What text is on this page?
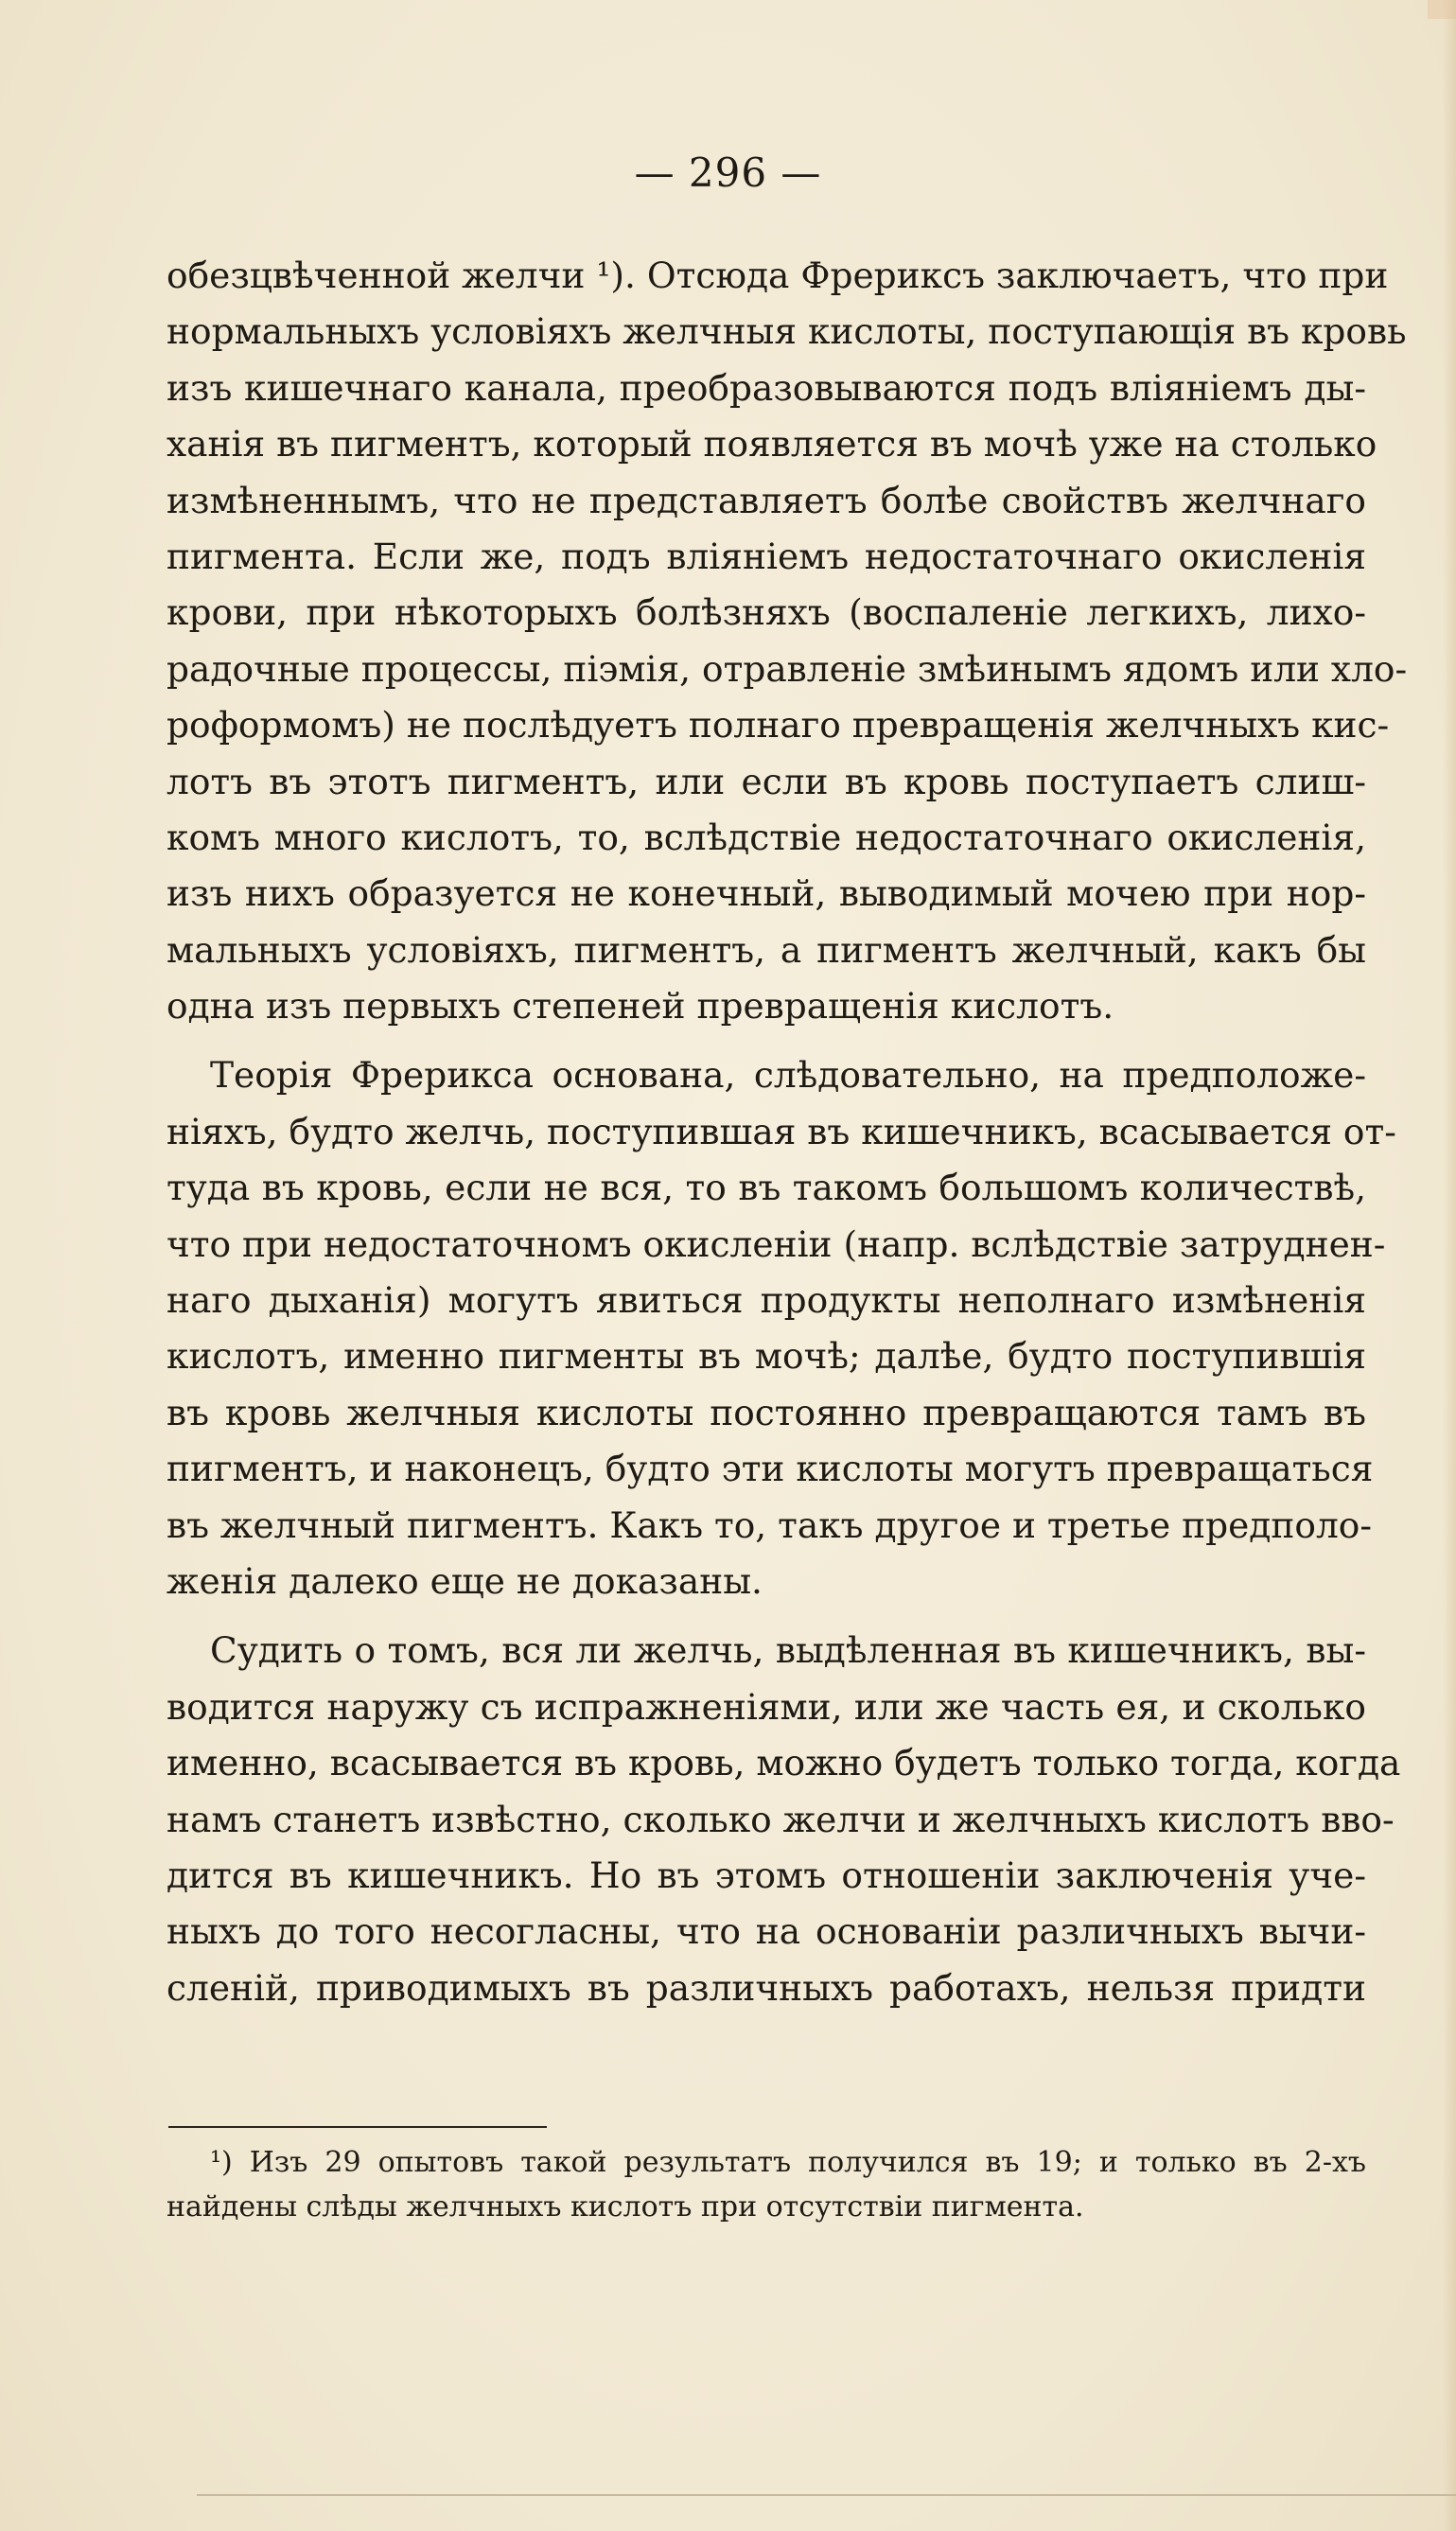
— 296 —
обезцвѣченной желчи ¹). Отсюда Фрериксъ заключаетъ, что при
нормальныхъ условіяхъ желчныя кислоты, поступающія въ кровь
изъ кишечнаго канала, преобразовываются подъ вліяніемъ ды-
ханія въ пигментъ, который появляется въ мочѣ уже на столько
измѣненнымъ, что не представляетъ болѣе свойствъ желчнаго
пигмента. Если же, подъ вліяніемъ недостаточнаго окисленія
крови, при нѣкоторыхъ болѣзняхъ (воспаленіе легкихъ, лихо-
радочные процессы, піэмія, отравленіе змѣинымъ ядомъ или хло-
роформомъ) не послѣдуетъ полнаго превращенія желчныхъ кис-
лотъ въ этотъ пигментъ, или если въ кровь поступаетъ слиш-
комъ много кислотъ, то, вслѣдствіе недостаточнаго окисленія,
изъ нихъ образуется не конечный, выводимый мочею при нор-
мальныхъ условіяхъ, пигментъ, а пигментъ желчный, какъ бы
одна изъ первыхъ степеней превращенія кислотъ.
Теорія Фрерикса основана, слѣдовательно, на предположе-
ніяхъ, будто желчь, поступившая въ кишечникъ, всасывается от-
туда въ кровь, если не вся, то въ такомъ большомъ количествѣ,
что при недостаточномъ окисленіи (напр. вслѣдствіе затруднен-
наго дыханія) могутъ явиться продукты неполнаго измѣненія
кислотъ, именно пигменты въ мочѣ; далѣе, будто поступившія
въ кровь желчныя кислоты постоянно превращаются тамъ въ
пигментъ, и наконецъ, будто эти кислоты могутъ превращаться
въ желчный пигментъ. Какъ то, такъ другое и третье предполо-
женія далеко еще не доказаны.
Судить о томъ, вся ли желчь, выдѣленная въ кишечникъ, вы-
водится наружу съ испражненіями, или же часть ея, и сколько
именно, всасывается въ кровь, можно будетъ только тогда, когда
намъ станетъ извѣстно, сколько желчи и желчныхъ кислотъ вво-
дится въ кишечникъ. Но въ этомъ отношеніи заключенія уче-
ныхъ до того несогласны, что на основаніи различныхъ вычи-
сленій, приводимыхъ въ различныхъ работахъ, нельзя придти
¹) Изъ 29 опытовъ такой результатъ получился въ 19; и только въ 2-хъ
найдены слѣды желчныхъ кислотъ при отсутствіи пигмента.
